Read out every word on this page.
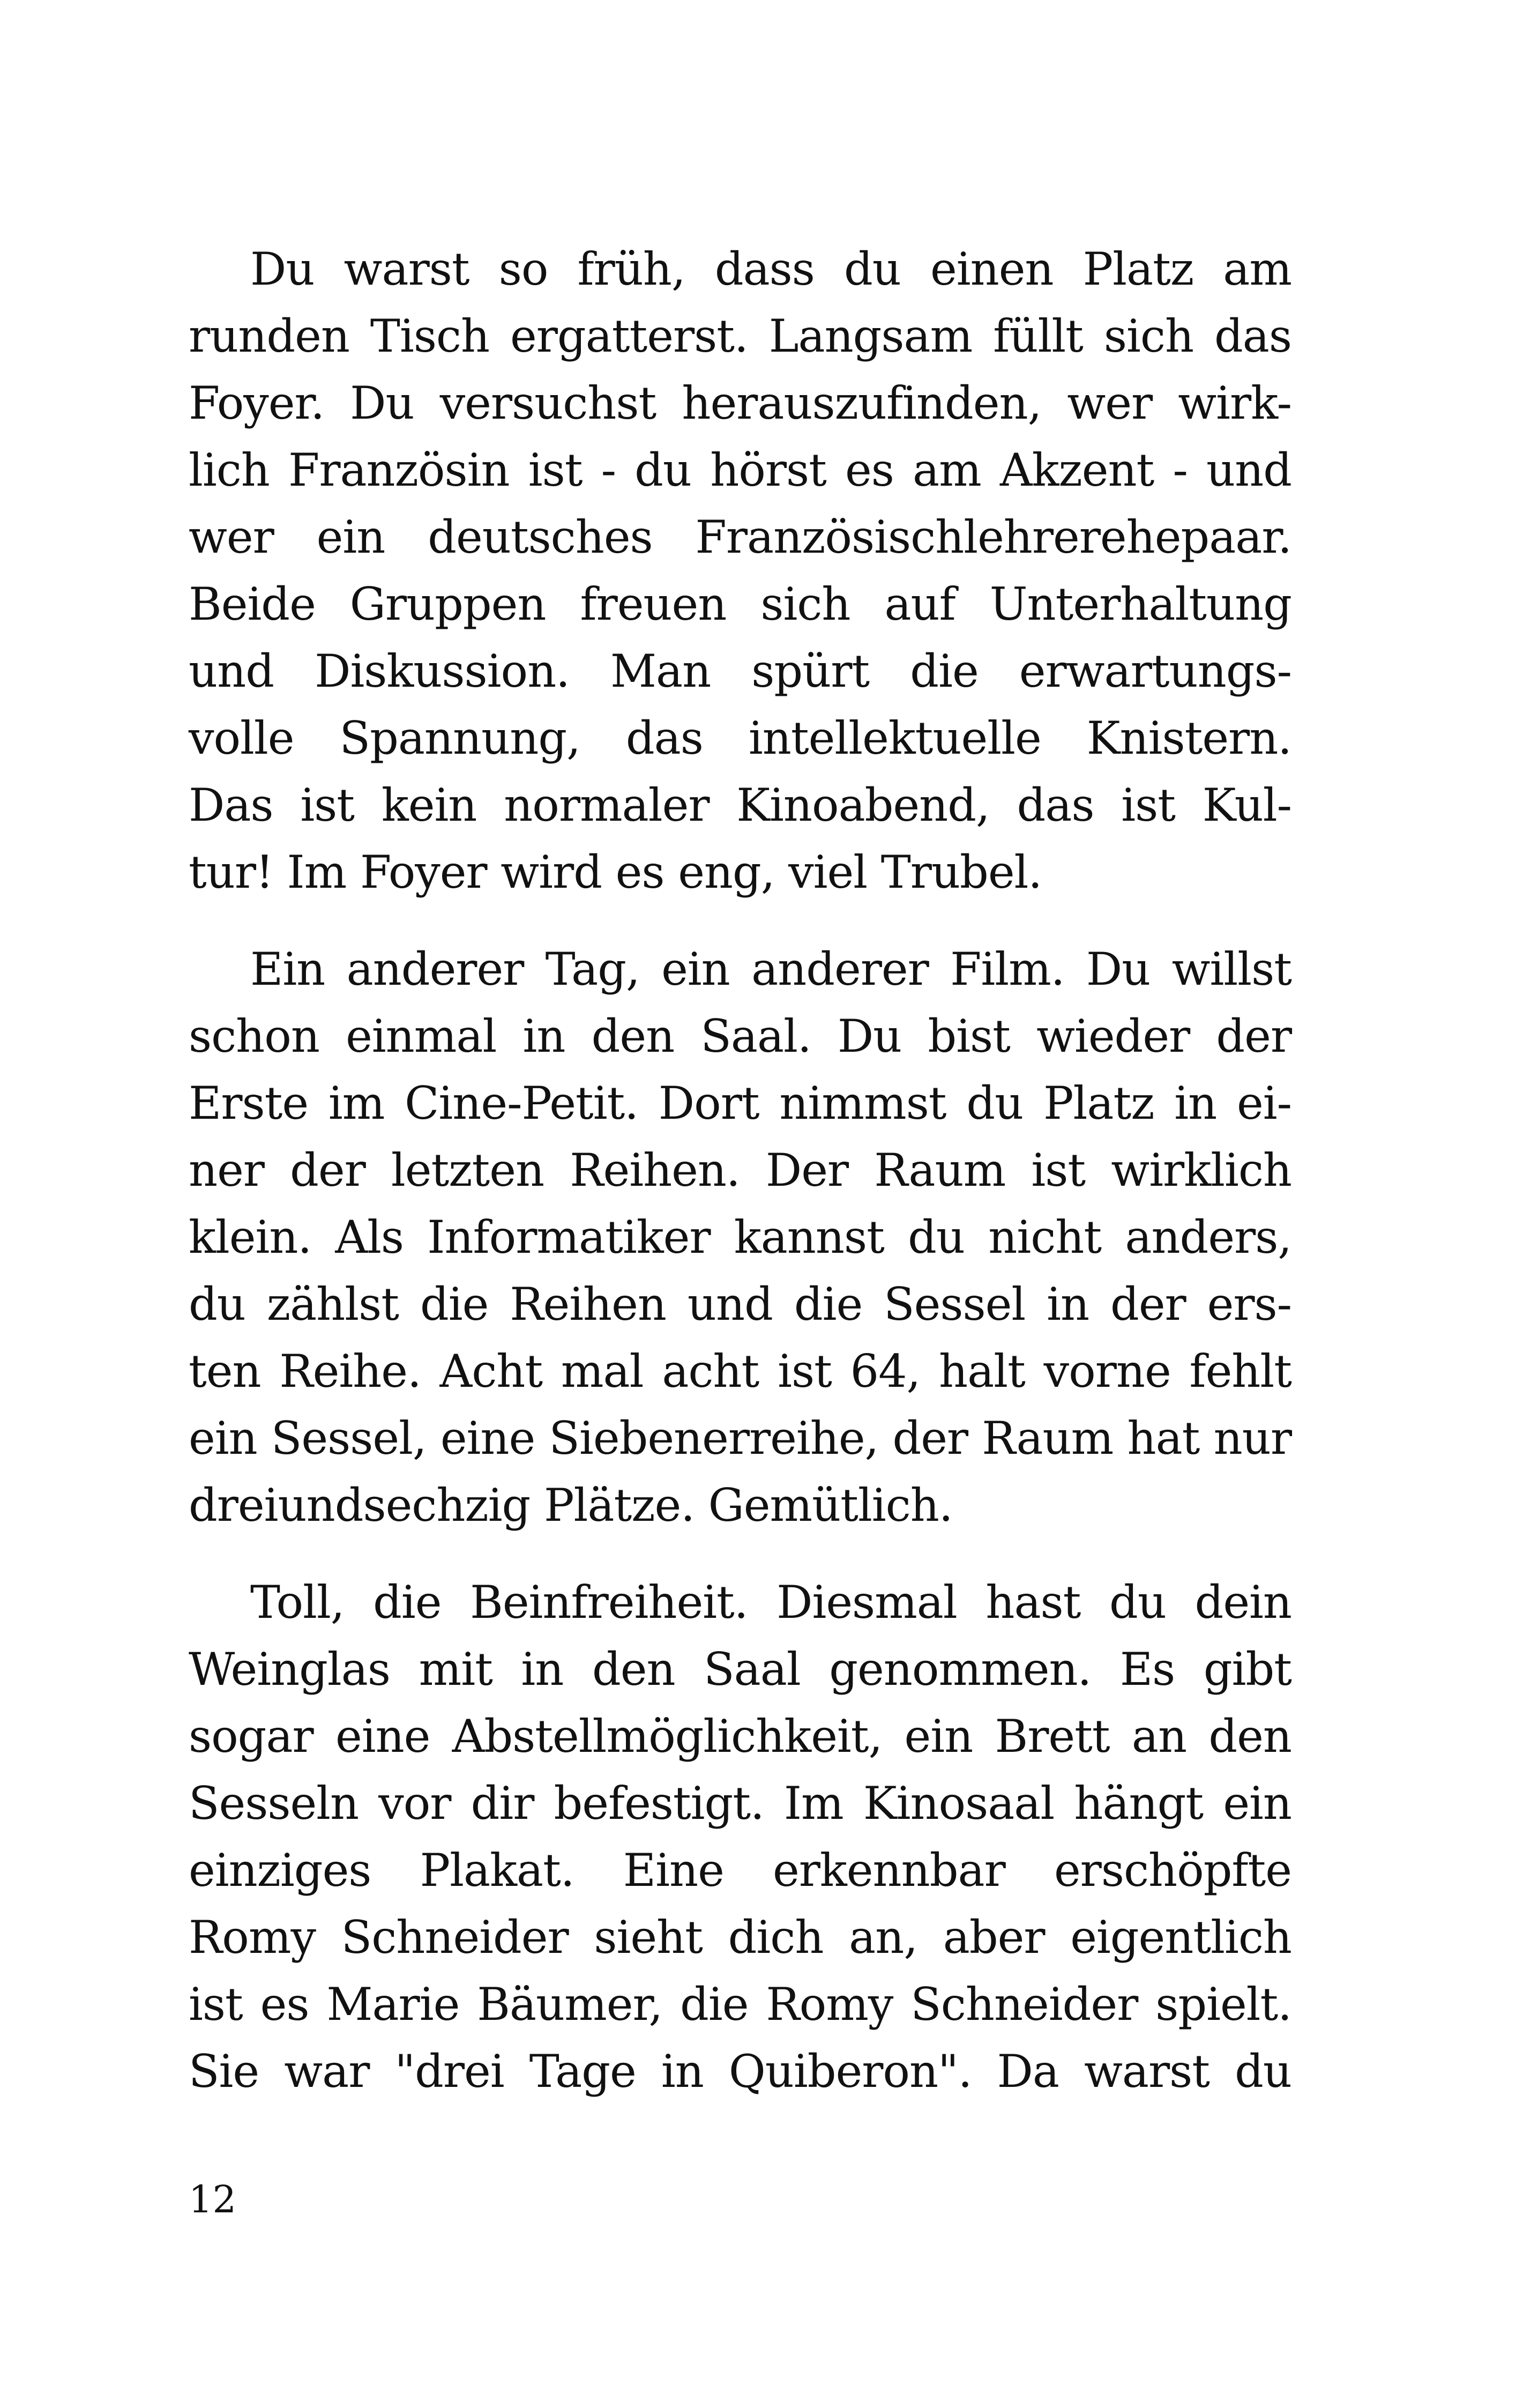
Du warst so früh, dass du einen Platz am
runden Tisch ergatterst. Langsam füllt sich das
Foyer. Du versuchst herauszufinden, wer wirk-
lich Französin ist - du hörst es am Akzent - und
wer ein deutsches Französischlehrerehepaar.
Beide Gruppen freuen sich auf Unterhaltung
und Diskussion. Man spürt die erwartungs-
volle Spannung, das intellektuelle Knistern.
Das ist kein normaler Kinoabend, das ist Kul-
tur! Im Foyer wird es eng, viel Trubel.

Ein anderer Tag, ein anderer Film. Du willst
schon einmal in den Saal. Du bist wieder der
Erste im Cine-Petit. Dort nimmst du Platz in ei-
ner der letzten Reihen. Der Raum ist wirklich
klein. Als Informatiker kannst du nicht anders,
du zählst die Reihen und die Sessel in der ers-
ten Reihe. Acht mal acht ist 64, halt vorne fehlt
ein Sessel, eine Siebenerreihe, der Raum hat nur
dreiundsechzig Plätze. Gemütlich.

Toll, die Beinfreiheit. Diesmal hast du dein
Weinglas mit in den Saal genommen. Es gibt
sogar eine Abstellmöglichkeit, ein Brett an den
Sesseln vor dir befestigt. Im Kinosaal hängt ein
einziges Plakat. Eine erkennbar erschöpfte
Romy Schneider sieht dich an, aber eigentlich
ist es Marie Bäumer, die Romy Schneider spielt.
Sie war "drei Tage in Quiberon". Da warst du

12
